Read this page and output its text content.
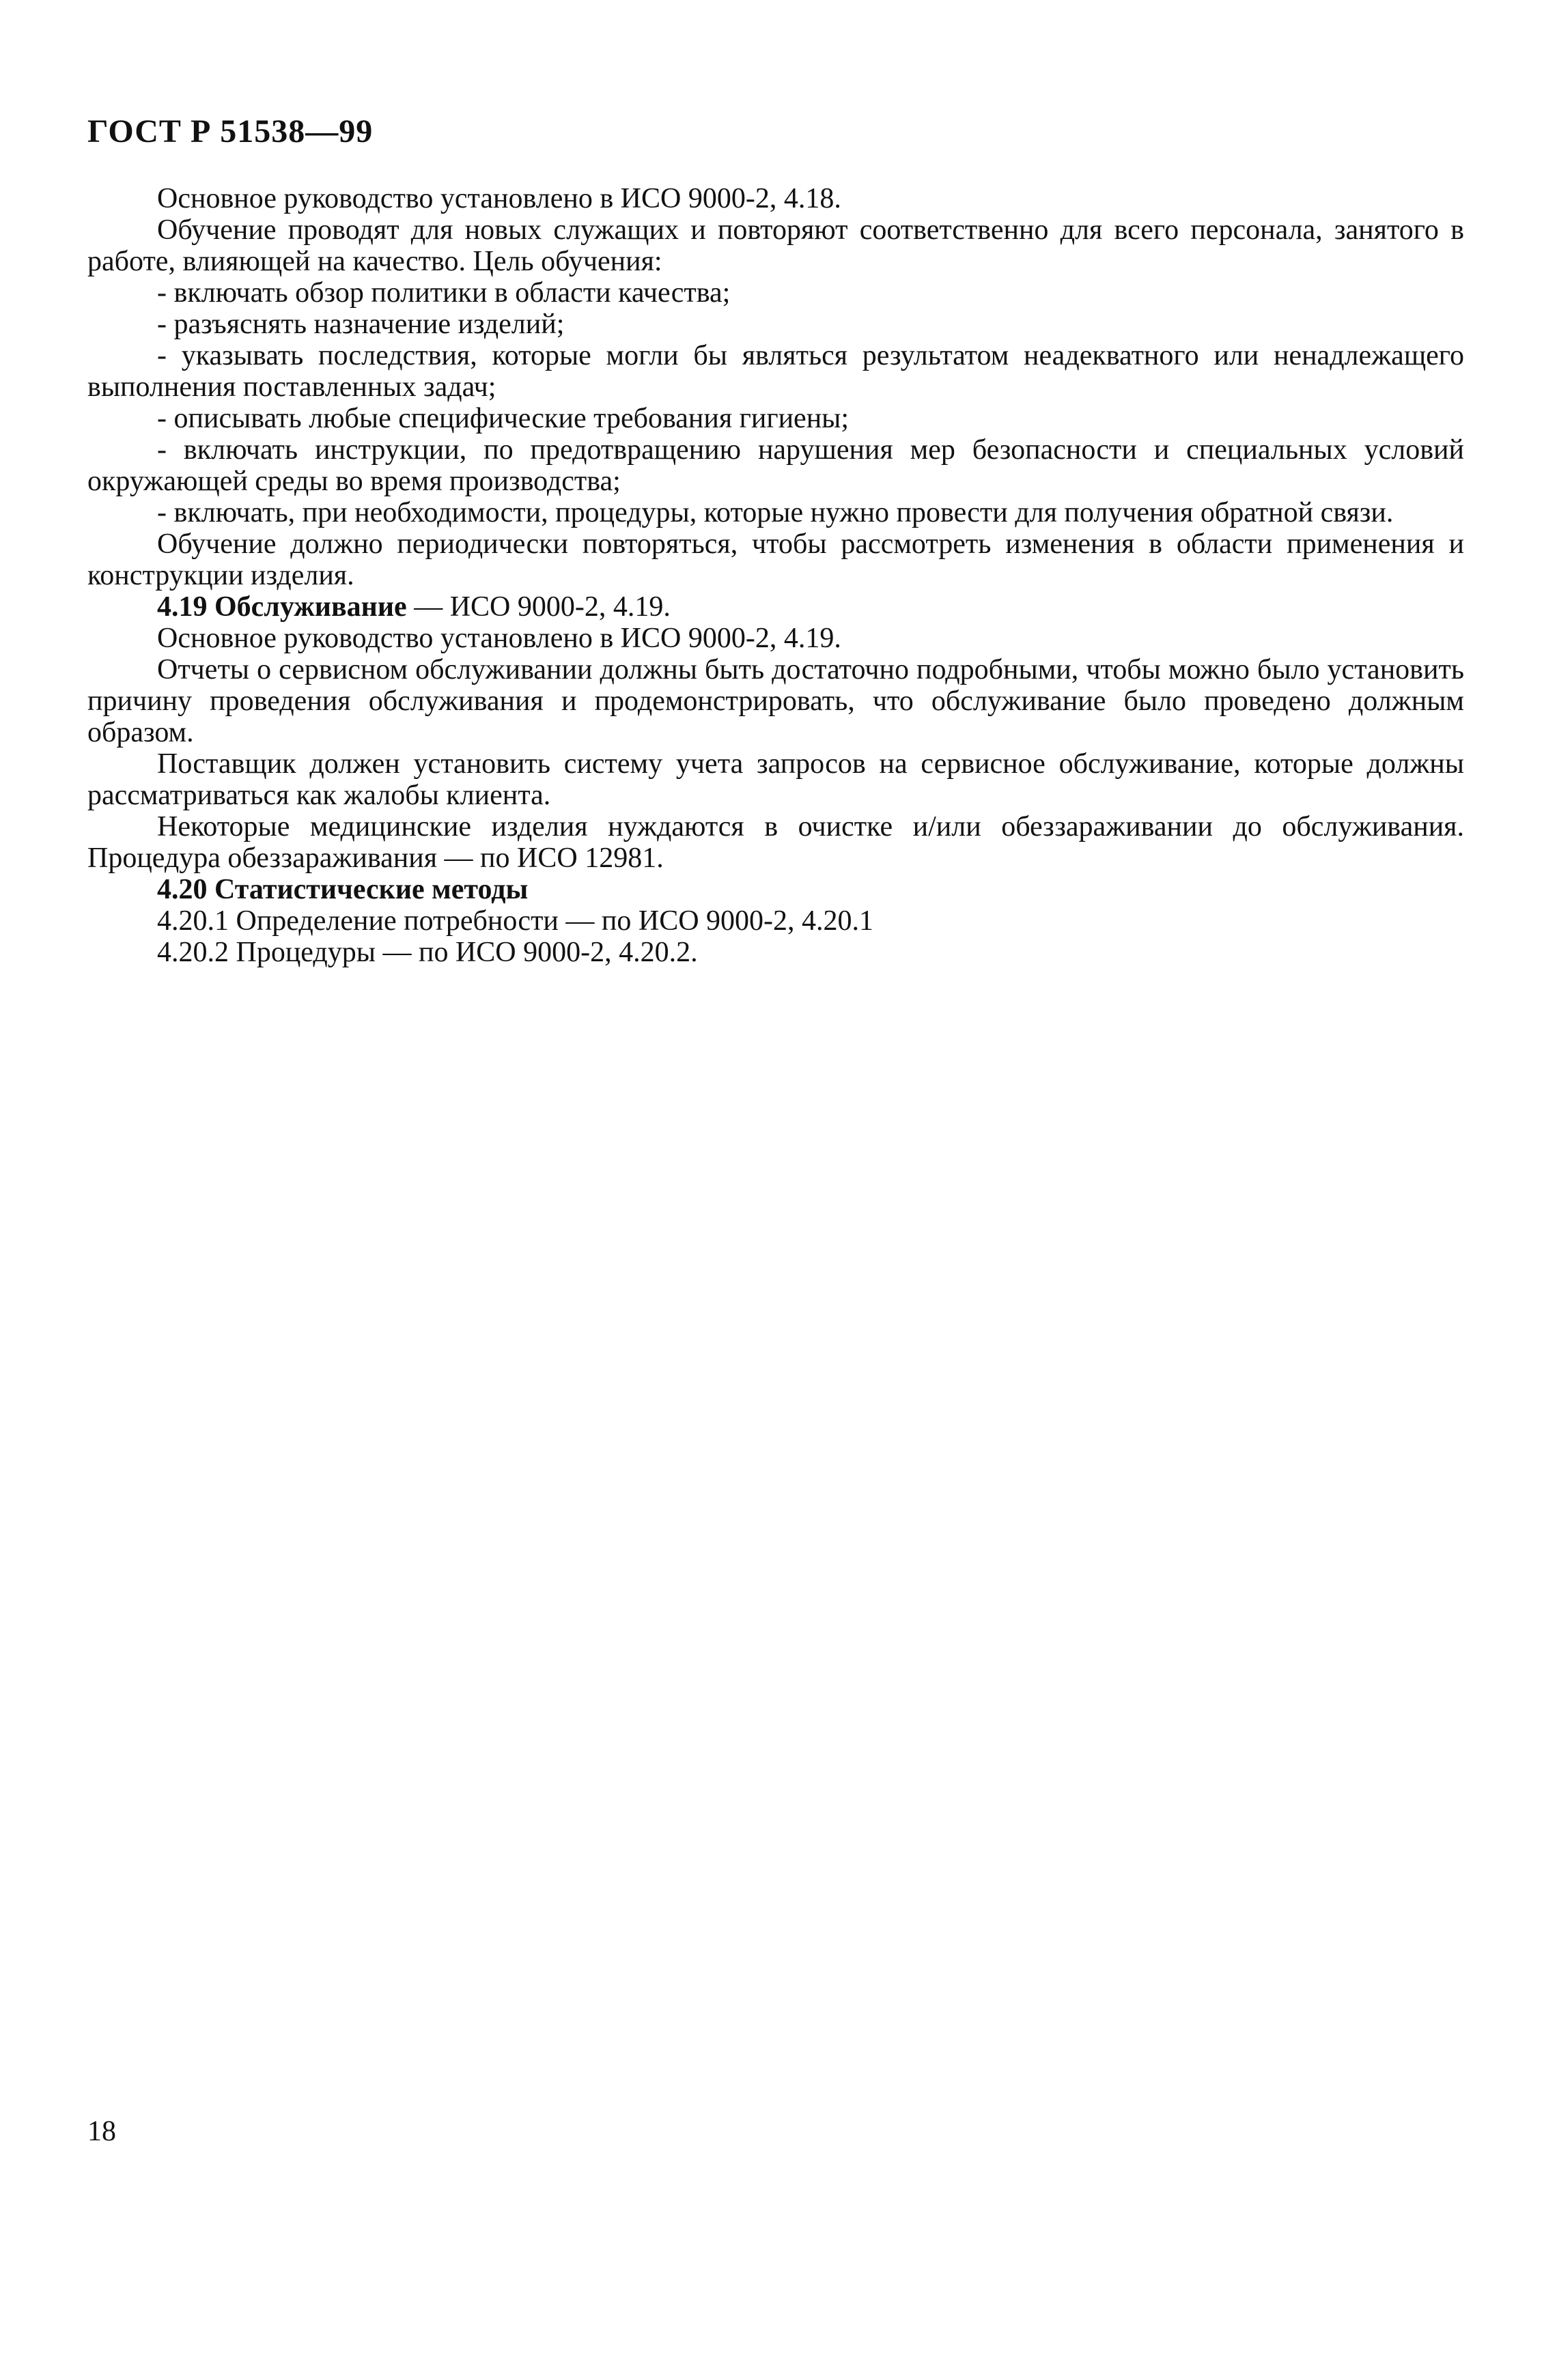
ГОСТ Р 51538—99

Основное руководство установлено в ИСО 9000-2, 4.18.

Обучение проводят для новых служащих и повторяют соответственно для всего персонала, занятого в работе, влияющей на качество. Цель обучения:

- включать обзор политики в области качества;

- разъяснять назначение изделий;

- указывать последствия, которые могли бы являться результатом неадекватного или ненадлежащего выполнения поставленных задач;

- описывать любые специфические требования гигиены;

- включать инструкции, по предотвращению нарушения мер безопасности и специальных условий окружающей среды во время производства;

- включать, при необходимости, процедуры, которые нужно провести для получения обратной связи.

Обучение должно периодически повторяться, чтобы рассмотреть изменения в области применения и конструкции изделия.

4.19 Обслуживание — ИСО 9000-2, 4.19.

Основное руководство установлено в ИСО 9000-2, 4.19.

Отчеты о сервисном обслуживании должны быть достаточно подробными, чтобы можно было установить причину проведения обслуживания и продемонстрировать, что обслуживание было проведено должным образом.

Поставщик должен установить систему учета запросов на сервисное обслуживание, которые должны рассматриваться как жалобы клиента.

Некоторые медицинские изделия нуждаются в очистке и/или обеззараживании до обслуживания. Процедура обеззараживания — по ИСО 12981.

4.20 Статистические методы

4.20.1 Определение потребности — по ИСО 9000-2, 4.20.1

4.20.2 Процедуры — по ИСО 9000-2, 4.20.2.

18
